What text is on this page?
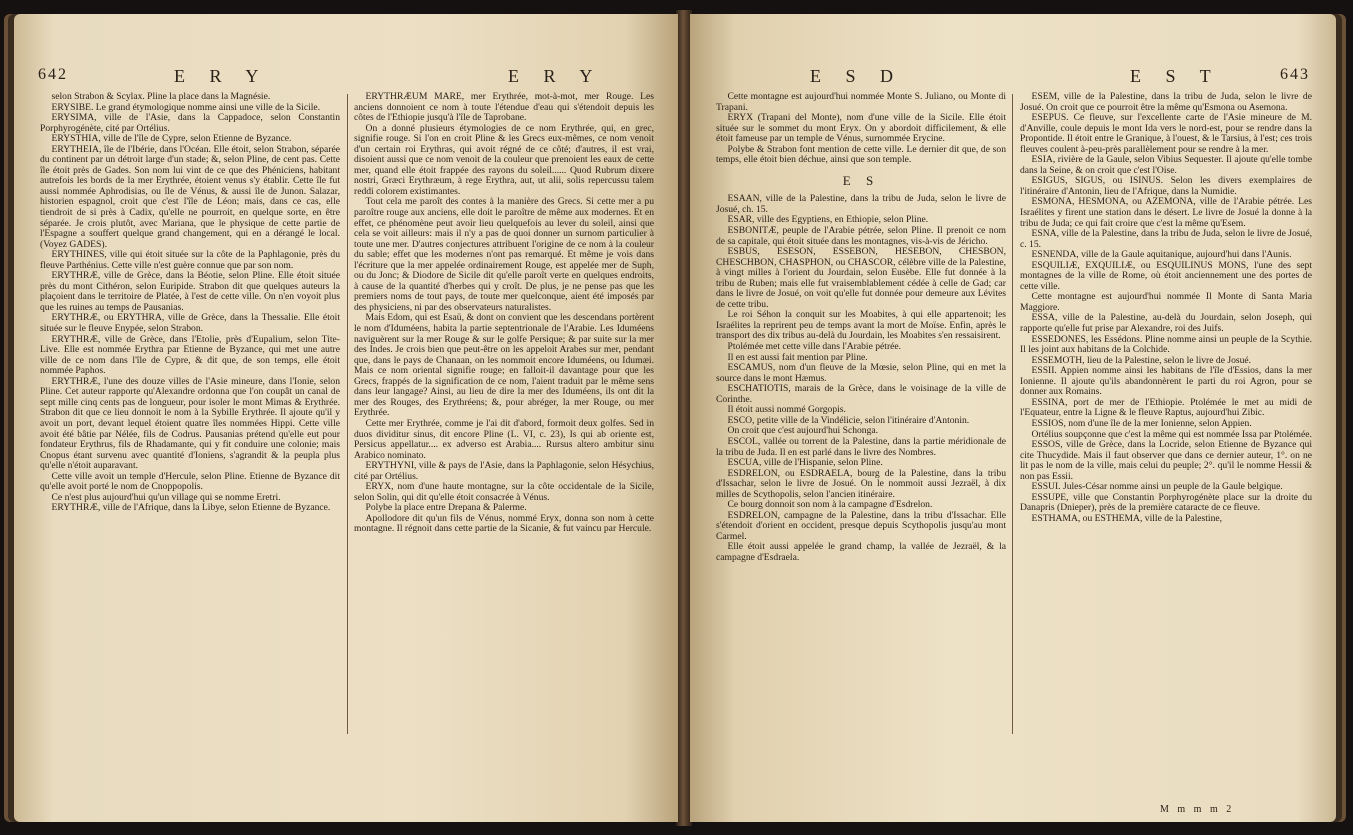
642	E R Y	E R Y

selon Strabon & Scylax. Pline la place dans la Magnésie.

ERYSIBE. Le grand étymologique nomme ainsi une ville de la Sicile.

ERYSIMA, ville de l'Asie, dans la Cappadoce, selon Constantin Porphyrogénète, cité par Ortélius.

ERYSTHIA, ville de l'île de Cypre, selon Etienne de Byzance.

ERYTHEIA, île de l'Ibérie, dans l'Océan. Elle étoit, selon Strabon, séparée du continent par un détroit large d'un stade; &, selon Pline, de cent pas. Cette île étoit près de Gades. Son nom lui vint de ce que des Phéniciens, habitant autrefois les bords de la mer Erythrée, étoient venus s'y établir. Cette île fut aussi nommée Aphrodisias, ou île de Vénus, & aussi île de Junon. Salazar, historien espagnol, croit que c'est l'île de Léon; mais, dans ce cas, elle tiendroit de si près à Cadix, qu'elle ne pourroit, en quelque sorte, en être séparée. Je crois plutôt, avec Mariana, que le physique de cette partie de l'Espagne a souffert quelque grand changement, qui en a dérangé le local. (Voyez GADES).

ERYTHINES, ville qui étoit située sur la côte de la Paphlagonie, près du fleuve Parthénius. Cette ville n'est guère connue que par son nom.

ERYTHRÆ, ville de Grèce, dans la Béotie, selon Pline. Elle étoit située près du mont Cithéron, selon Euripide. Strabon dit que quelques auteurs la plaçoient dans le territoire de Platée, à l'est de cette ville. On n'en voyoit plus que les ruines au temps de Pausanias.

ERYTHRÆ, ou ERYTHRA, ville de Grèce, dans la Thessalie. Elle étoit située sur le fleuve Enypée, selon Strabon.

ERYTHRÆ, ville de Grèce, dans l'Etolie, près d'Eupalium, selon Tite-Live. Elle est nommée Erythra par Etienne de Byzance, qui met une autre ville de ce nom dans l'île de Cypre, & dit que, de son temps, elle étoit nommée Paphos.

ERYTHRÆ, l'une des douze villes de l'Asie mineure, dans l'Ionie, selon Pline. Cet auteur rapporte qu'Alexandre ordonna que l'on coupât un canal de sept mille cinq cents pas de longueur, pour isoler le mont Mimas & Erythrée. Strabon dit que ce lieu donnoit le nom à la Sybille Erythrée. Il ajoute qu'il y avoit un port, devant lequel étoient quatre îles nommées Hippi. Cette ville avoit été bâtie par Nélée, fils de Codrus. Pausanias prétend qu'elle eut pour fondateur Erythrus, fils de Rhadamante, qui y fit conduire une colonie; mais Cnopus étant survenu avec quantité d'Ioniens, s'agrandit & la peupla plus qu'elle n'étoit auparavant.

Cette ville avoit un temple d'Hercule, selon Pline. Etienne de Byzance dit qu'elle avoit porté le nom de Cnoppopolis.

Ce n'est plus aujourd'hui qu'un village qui se nomme Eretri.

ERYTHRÆ, ville de l'Afrique, dans la Libye, selon Etienne de Byzance.

ERYTHRÆUM MARE, mer Erythrée, mot-à-mot, mer Rouge. Les anciens donnoient ce nom à toute l'étendue d'eau qui s'étendoit depuis les côtes de l'Ethiopie jusqu'à l'île de Taprobane.

On a donné plusieurs étymologies de ce nom Erythrée, qui, en grec, signifie rouge. Si l'on en croit Pline & les Grecs eux-mêmes, ce nom venoit d'un certain roi Erythras, qui avoit régné de ce côté; d'autres, il est vrai, disoient aussi que ce nom venoit de la couleur que prenoient les eaux de cette mer, quand elle étoit frappée des rayons du soleil...... Quod Rubrum dixere nostri, Græci Erythræum, à rege Erythra, aut, ut alii, solis repercussu talem reddi colorem existimantes.

Tout cela me paroît des contes à la manière des Grecs. Si cette mer a pu paroître rouge aux anciens, elle doit le paroître de même aux modernes. Et en effet, ce phénomène peut avoir lieu quelquefois au lever du soleil, ainsi que cela se voit ailleurs: mais il n'y a pas de quoi donner un surnom particulier à toute une mer. D'autres conjectures attribuent l'origine de ce nom à la couleur du sable; effet que les modernes n'ont pas remarqué. Et même je vois dans l'écriture que la mer appelée ordinairement Rouge, est appelée mer de Suph, ou du Jonc; & Diodore de Sicile dit qu'elle paroît verte en quelques endroits, à cause de la quantité d'herbes qui y croît. De plus, je ne pense pas que les premiers noms de tout pays, de toute mer quelconque, aient été imposés par des physiciens, ni par des observateurs naturalistes.

Mais Edom, qui est Esaü, & dont on convient que les descendans portèrent le nom d'Iduméens, habita la partie septentrionale de l'Arabie. Les Iduméens naviguèrent sur la mer Rouge & sur le golfe Persique; & par suite sur la mer des Indes. Je crois bien que peut-être on les appeloit Arabes sur mer, pendant que, dans le pays de Chanaan, on les nommoit encore Iduméens, ou Idumæi. Mais ce nom oriental signifie rouge; en falloit-il davantage pour que les Grecs, frappés de la signification de ce nom, l'aient traduit par le même sens dans leur langage? Ainsi, au lieu de dire la mer des Iduméens, ils ont dit la mer des Rouges, des Erythréens; &, pour abréger, la mer Rouge, ou mer Erythrée.

Cette mer Erythrée, comme je l'ai dit d'abord, formoit deux golfes. Sed in duos dividitur sinus, dit encore Pline (L. VI, c. 23), Is qui ab oriente est, Persicus appellatur.... ex adverso est Arabia.... Rursus altero ambitur sinu Arabico nominato.

ERYTHYNI, ville & pays de l'Asie, dans la Paphlagonie, selon Hésychius, cité par Ortélius.

ERYX, nom d'une haute montagne, sur la côte occidentale de la Sicile, selon Solin, qui dit qu'elle étoit consacrée à Vénus.

Polybe la place entre Drepana & Palerme.

Apollodore dit qu'un fils de Vénus, nommé Eryx, donna son nom à cette montagne. Il régnoit dans cette partie de la Sicanie, & fut vaincu par Hercule.

E S D	E S T	643

Cette montagne est aujourd'hui nommée Monte S. Juliano, ou Monte di Trapani.

ERYX (Trapani del Monte), nom d'une ville de la Sicile. Elle étoit située sur le sommet du mont Eryx. On y abordoit difficilement, & elle étoit fameuse par un temple de Vénus, surnommée Erycine.

Polybe & Strabon font mention de cette ville. Le dernier dit que, de son temps, elle étoit bien déchue, ainsi que son temple.

E S

ESAAN, ville de la Palestine, dans la tribu de Juda, selon le livre de Josué, ch. 15.

ESAR, ville des Egyptiens, en Ethiopie, selon Pline.

ESBONITÆ, peuple de l'Arabie pétrée, selon Pline. Il prenoit ce nom de sa capitale, qui étoit située dans les montagnes, vis-à-vis de Jéricho.

ESBUS, ESESON, ESSEBON, HESEBON, CHESBON, CHESCHBON, CHASPHON, ou CHASCOR, célèbre ville de la Palestine, à vingt milles à l'orient du Jourdain, selon Eusèbe. Elle fut donnée à la tribu de Ruben; mais elle fut vraisemblablement cédée à celle de Gad; car dans le livre de Josué, on voit qu'elle fut donnée pour demeure aux Lévites de cette tribu.

Le roi Séhon la conquit sur les Moabites, à qui elle appartenoit; les Israélites la reprirent peu de temps avant la mort de Moïse. Enfin, après le transport des dix tribus au-delà du Jourdain, les Moabites s'en ressaisirent.

Ptolémée met cette ville dans l'Arabie pétrée.

Il en est aussi fait mention par Pline.

ESCAMUS, nom d'un fleuve de la Mœsie, selon Pline, qui en met la source dans le mont Hæmus.

ESCHATIOTIS, marais de la Grèce, dans le voisinage de la ville de Corinthe.

Il étoit aussi nommé Gorgopis.

ESCO, petite ville de la Vindélicie, selon l'itinéraire d'Antonin.

On croit que c'est aujourd'hui Schonga.

ESCOL, vallée ou torrent de la Palestine, dans la partie méridionale de la tribu de Juda. Il en est parlé dans le livre des Nombres.

ESCUA, ville de l'Hispanie, selon Pline.

ESDRELON, ou ESDRAELA, bourg de la Palestine, dans la tribu d'Issachar, selon le livre de Josué. On le nommoit aussi Jezraël, à dix milles de Scythopolis, selon l'ancien itinéraire.

Ce bourg donnoit son nom à la campagne d'Esdrelon.

ESDRELON, campagne de la Palestine, dans la tribu d'Issachar. Elle s'étendoit d'orient en occident, presque depuis Scythopolis jusqu'au mont Carmel.

Elle étoit aussi appelée le grand champ, la vallée de Jezraël, & la campagne d'Esdraela.

ESEM, ville de la Palestine, dans la tribu de Juda, selon le livre de Josué. On croit que ce pourroit être la même qu'Esmona ou Asemona.

ESEPUS. Ce fleuve, sur l'excellente carte de l'Asie mineure de M. d'Anville, coule depuis le mont Ida vers le nord-est, pour se rendre dans la Propontide. Il étoit entre le Granique, à l'ouest, & le Tarsius, à l'est; ces trois fleuves coulent à-peu-près parallèlement pour se rendre à la mer.

ESIA, rivière de la Gaule, selon Vibius Sequester. Il ajoute qu'elle tombe dans la Seine, & on croit que c'est l'Oise.

ESIGUS, SIGUS, ou ISINUS. Selon les divers exemplaires de l'itinéraire d'Antonin, lieu de l'Afrique, dans la Numidie.

ESMONA, HESMONA, ou AZEMONA, ville de l'Arabie pétrée. Les Israélites y firent une station dans le désert. Le livre de Josué la donne à la tribu de Juda; ce qui fait croire que c'est la même qu'Esem.

ESNA, ville de la Palestine, dans la tribu de Juda, selon le livre de Josué, c. 15.

ESNENDA, ville de la Gaule aquitanique, aujourd'hui dans l'Aunis.

ESQUILIÆ, EXQUILIÆ, ou ESQUILINUS MONS, l'une des sept montagnes de la ville de Rome, où étoit anciennement une des portes de cette ville.

Cette montagne est aujourd'hui nommée Il Monte di Santa Maria Maggiore.

ESSA, ville de la Palestine, au-delà du Jourdain, selon Joseph, qui rapporte qu'elle fut prise par Alexandre, roi des Juifs.

ESSEDONES, les Essédons. Pline nomme ainsi un peuple de la Scythie. Il les joint aux habitans de la Colchide.

ESSEMOTH, lieu de la Palestine, selon le livre de Josué.

ESSII. Appien nomme ainsi les habitans de l'île d'Essios, dans la mer Ionienne. Il ajoute qu'ils abandonnèrent le parti du roi Agron, pour se donner aux Romains.

ESSINA, port de mer de l'Ethiopie. Ptolémée le met au midi de l'Equateur, entre la Ligne & le fleuve Raptus, aujourd'hui Zibic.

ESSIOS, nom d'une île de la mer Ionienne, selon Appien.

Ortélius soupçonne que c'est la même qui est nommée Issa par Ptolémée.

ESSOS, ville de Grèce, dans la Locride, selon Etienne de Byzance qui cite Thucydide. Mais il faut observer que dans ce dernier auteur, 1°. on ne lit pas le nom de la ville, mais celui du peuple; 2°. qu'il le nomme Hessii & non pas Essii.

ESSUI. Jules-César nomme ainsi un peuple de la Gaule belgique.

ESSUPE, ville que Constantin Porphyrogénète place sur la droite du Danapris (Dnieper), près de la première cataracte de ce fleuve.

ESTHAMA, ou ESTHEMA, ville de la Palestine,

M m m m 2
